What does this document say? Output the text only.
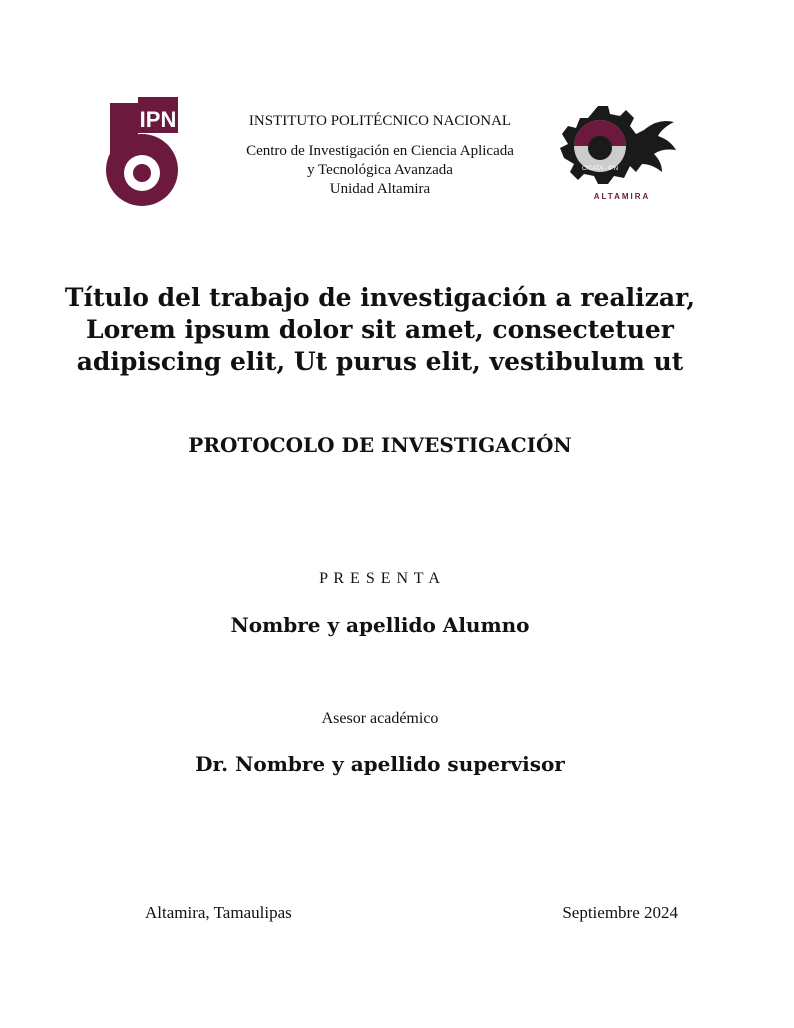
IPN	INSTITUTO POLITÉCNICO NACIONAL
Centro de Investigación en Ciencia Aplicada
y Tecnológica Avanzada
Unidad Altamira
CICATA - IPN
ALTAMIRA
Título del trabajo de investigación a realizar,
Lorem ipsum dolor sit amet, consectetuer
adipiscing elit, Ut purus elit, vestibulum ut
PROTOCOLO DE INVESTIGACIÓN
P R E S E N T A
Nombre y apellido Alumno
Asesor académico
Dr. Nombre y apellido supervisor
Altamira, Tamaulipas	Septiembre 2024
